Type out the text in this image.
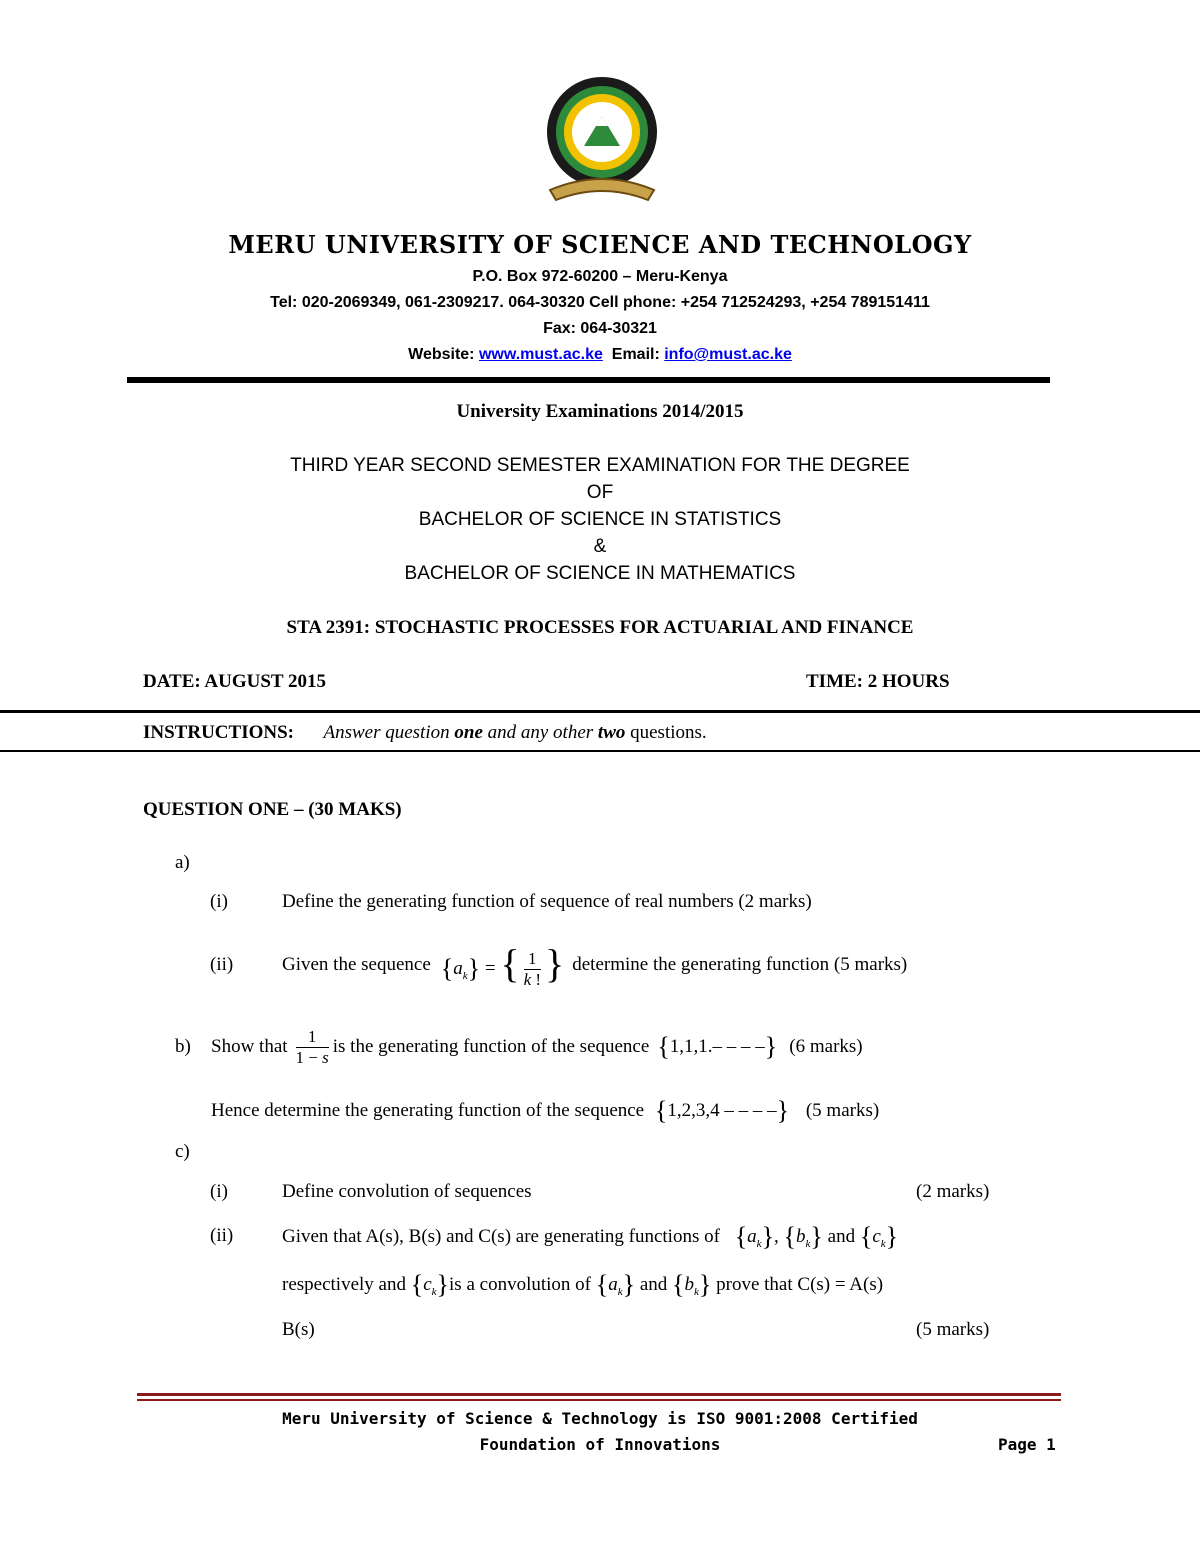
MERU UNIVERSITY OF SCIENCE AND TECHNOLOGY
P.O. Box 972-60200 – Meru-Kenya
Tel: 020-2069349, 061-2309217. 064-30320 Cell phone: +254 712524293, +254 789151411
Fax: 064-30321
Website: www.must.ac.ke Email: info@must.ac.ke
University Examinations 2014/2015
THIRD YEAR SECOND SEMESTER EXAMINATION FOR THE DEGREE
OF
BACHELOR OF SCIENCE IN STATISTICS
&
BACHELOR OF SCIENCE IN MATHEMATICS
STA 2391: STOCHASTIC PROCESSES FOR ACTUARIAL AND FINANCE
DATE: AUGUST 2015	TIME: 2 HOURS
INSTRUCTIONS: Answer question one and any other two questions.
QUESTION ONE – (30 MAKS)
a)
(i)	Define the generating function of sequence of real numbers (2 marks)
(ii)	Given the sequence $\{a_k\}$ = { $\frac{1}{k !}$ } determine the generating function (5 marks)
b) Show that $\frac{1}{1 - s}$ is the generating function of the sequence {1,1,1.– – – –} (6 marks)
Hence determine the generating function of the sequence {1,2,3,4 – – – –} (5 marks)
c)
(i)	Define convolution of sequences	(2 marks)
(ii)	Given that A(s), B(s) and C(s) are generating functions of $\{a_k\}$, $\{b_k\}$ and $\{c_k\}$
respectively and $\{c_k\}is$ a convolution of $\{a_k\}$ and $\{b_k\}$ prove that C(s) = A(s)
B(s)	(5 marks)
Meru University of Science & Technology is ISO 9001:2008 Certified
Foundation of Innovations	Page 1
